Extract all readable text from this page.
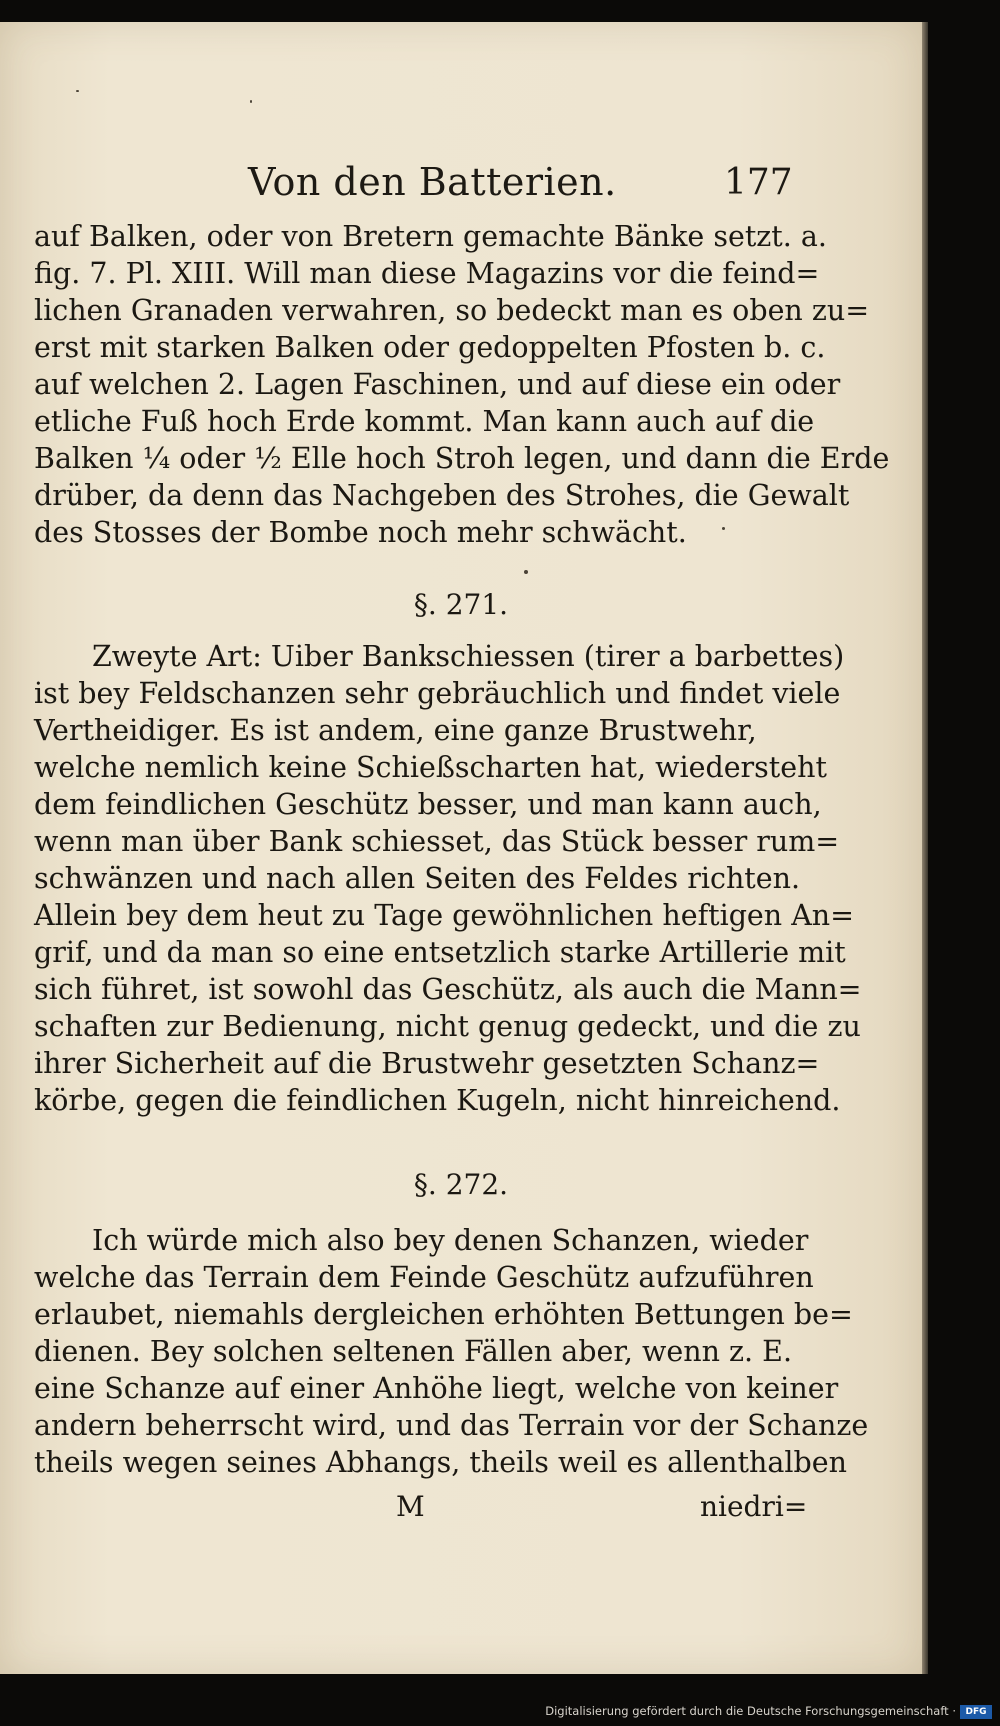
Von den Batterien.	177
auf Balken, oder von Bretern gemachte Bänke setzt. a.
fig. 7. Pl. XIII. Will man diese Magazins vor die feind=
lichen Granaden verwahren, so bedeckt man es oben zu=
erst mit starken Balken oder gedoppelten Pfosten b. c.
auf welchen 2. Lagen Faschinen, und auf diese ein oder
etliche Fuß hoch Erde kommt. Man kann auch auf die
Balken ¼ oder ½ Elle hoch Stroh legen, und dann die Erde
drüber, da denn das Nachgeben des Strohes, die Gewalt
des Stosses der Bombe noch mehr schwächt.
§. 271.
Zweyte Art: Uiber Bankschiessen (tirer a barbettes)
ist bey Feldschanzen sehr gebräuchlich und findet viele
Vertheidiger. Es ist andem, eine ganze Brustwehr,
welche nemlich keine Schießscharten hat, wiedersteht
dem feindlichen Geschütz besser, und man kann auch,
wenn man über Bank schiesset, das Stück besser rum=
schwänzen und nach allen Seiten des Feldes richten.
Allein bey dem heut zu Tage gewöhnlichen heftigen An=
grif, und da man so eine entsetzlich starke Artillerie mit
sich führet, ist sowohl das Geschütz, als auch die Mann=
schaften zur Bedienung, nicht genug gedeckt, und die zu
ihrer Sicherheit auf die Brustwehr gesetzten Schanz=
körbe, gegen die feindlichen Kugeln, nicht hinreichend.
§. 272.
Ich würde mich also bey denen Schanzen, wieder
welche das Terrain dem Feinde Geschütz aufzuführen
erlaubet, niemahls dergleichen erhöhten Bettungen be=
dienen. Bey solchen seltenen Fällen aber, wenn z. E.
eine Schanze auf einer Anhöhe liegt, welche von keiner
andern beherrscht wird, und das Terrain vor der Schanze
theils wegen seines Abhangs, theils weil es allenthalben
M	niedri=
Digitalisierung gefördert durch die Deutsche Forschungsgemeinschaft ·	DFG
